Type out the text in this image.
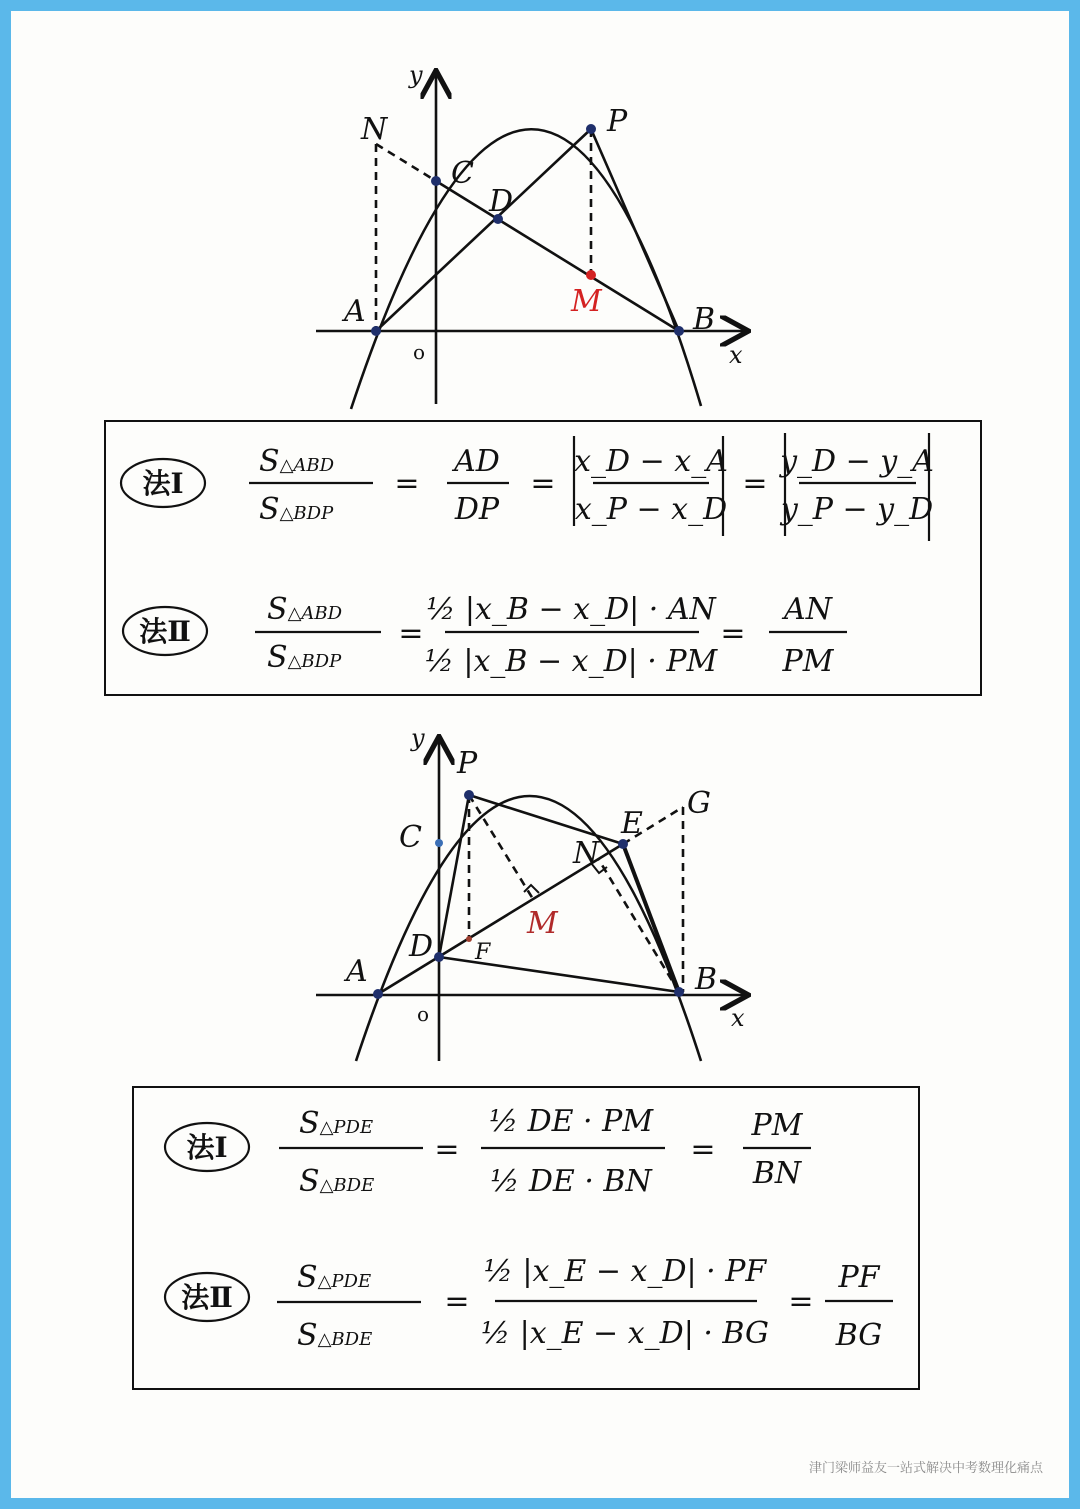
y
x
o
N
C
D
P
M
A	B
法Ⅰ
S△ABD
S△BDP
=
AD
DP
=
x_D − x_A
x_P − x_D
=
y_D − y_A
y_P − y_D
法Ⅱ
S△ABD
S△BDP
=
½ |x_B − x_D| · AN
½ |x_B − x_D| · PM
=
AN
PM
y
x
o
P
C	E
G
N
M
D F
A	B
法Ⅰ
S△PDE
S△BDE
=
½ DE · PM
½ DE · BN
=
PM
BN
法Ⅱ
S△PDE
S△BDE
=
½ |x_E − x_D| · PF
½ |x_E − x_D| · BG
=
PF
BG
津门梁师益友一站式解决中考数理化痛点
